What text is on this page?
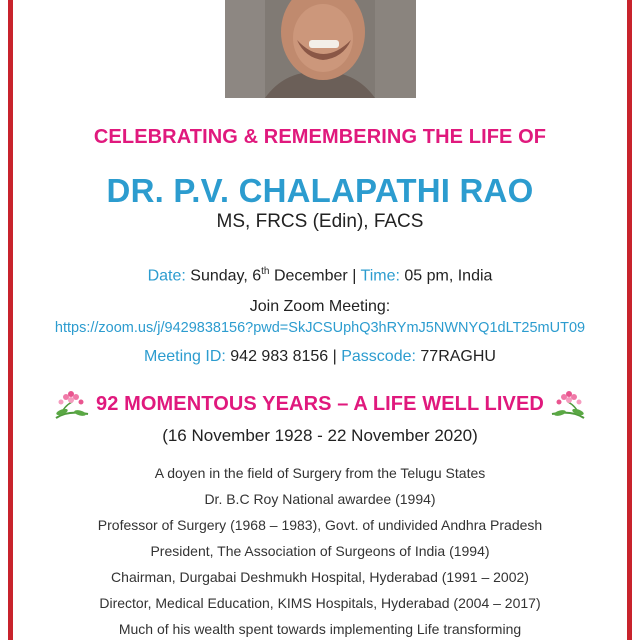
CELEBRATING & REMEMBERING THE LIFE OF
DR. P.V. CHALAPATHI RAO
MS, FRCS (Edin), FACS
Date: Sunday, 6th December | Time: 05 pm, India
Join Zoom Meeting:
https://zoom.us/j/9429838156?pwd=SkJCSUphQ3hRYmJ5NWNYQ1dLT25mUT09
Meeting ID: 942 983 8156 | Passcode: 77RAGHU
92 MOMENTOUS YEARS – A LIFE WELL LIVED
(16 November 1928 - 22 November 2020)
A doyen in the field of Surgery from the Telugu States
Dr. B.C Roy National awardee (1994)
Professor of Surgery (1968 – 1983), Govt. of undivided Andhra Pradesh
President, The Association of Surgeons of India (1994)
Chairman, Durgabai Deshmukh Hospital, Hyderabad (1991 – 2002)
Director, Medical Education, KIMS Hospitals, Hyderabad (2004 – 2017)
Much of his wealth spent towards implementing Life transforming
